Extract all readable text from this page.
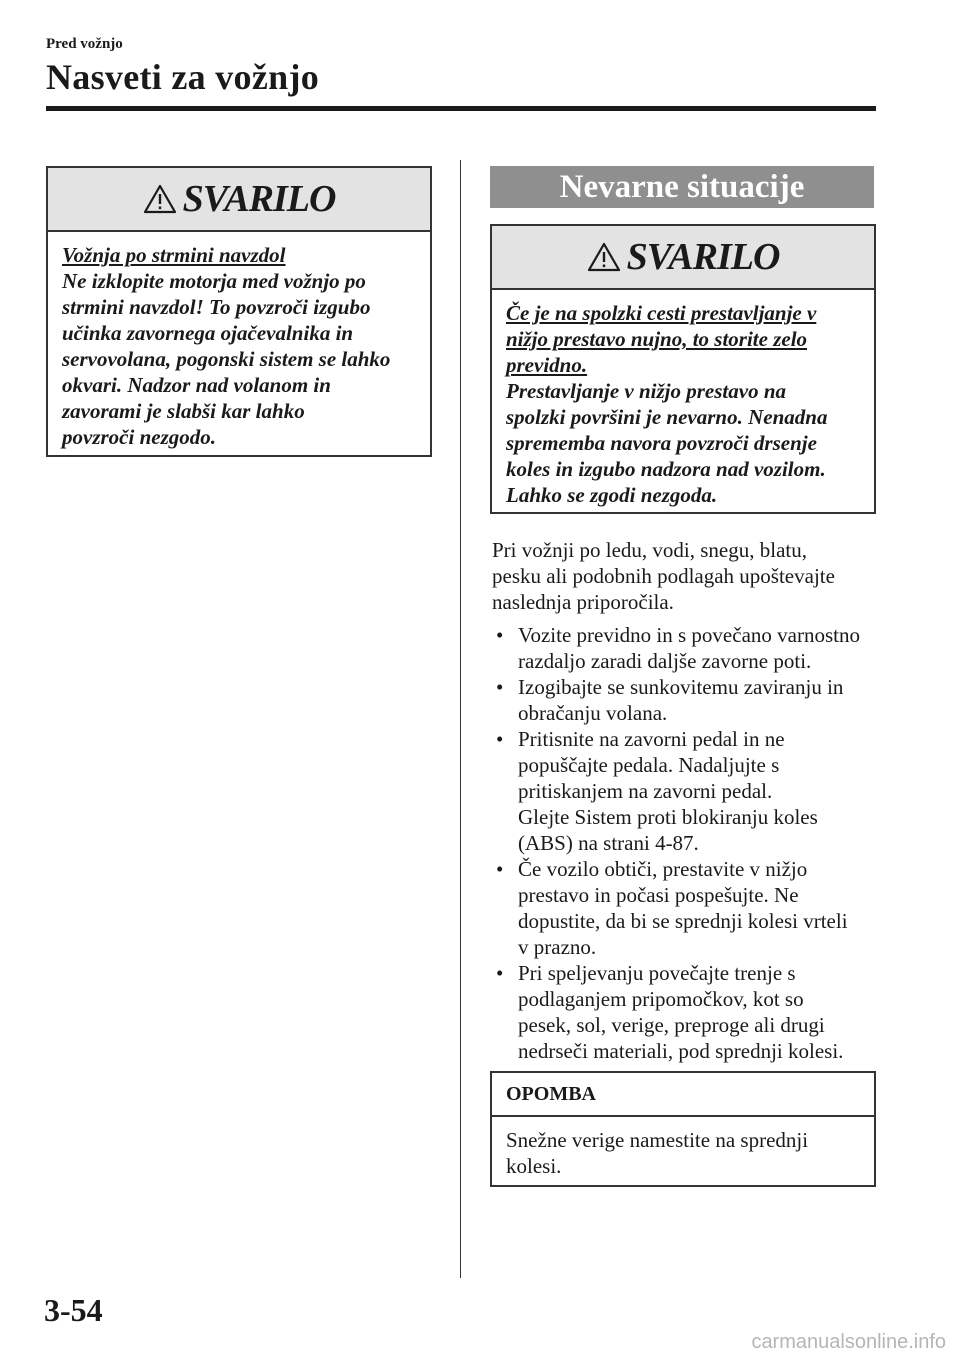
Pred vožnjo
Nasveti za vožnjo
SVARILO
Vožnja po strmini navzdol
Ne izklopite motorja med vožnjo po
strmini navzdol! To povzroči izgubo
učinka zavornega ojačevalnika in
servovolana, pogonski sistem se lahko
okvari. Nadzor nad volanom in
zavorami je slabši kar lahko
povzroči nezgodo.
Nevarne situacije
SVARILO
Če je na spolzki cesti prestavljanje v
nižjo prestavo nujno, to storite zelo
previdno.
Prestavljanje v nižjo prestavo na
spolzki površini je nevarno. Nenadna
sprememba navora povzroči drsenje
koles in izgubo nadzora nad vozilom.
Lahko se zgodi nezgoda.
Pri vožnji po ledu, vodi, snegu, blatu,
pesku ali podobnih podlagah upoštevajte
naslednja priporočila.
• Vozite previdno in s povečano varnostno
razdaljo zaradi daljše zavorne poti.
• Izogibajte se sunkovitemu zaviranju in
obračanju volana.
• Pritisnite na zavorni pedal in ne
popuščajte pedala. Nadaljujte s
pritiskanjem na zavorni pedal.
Glejte Sistem proti blokiranju koles
(ABS) na strani 4-87.
• Če vozilo obtiči, prestavite v nižjo
prestavo in počasi pospešujte. Ne
dopustite, da bi se sprednji kolesi vrteli
v prazno.
• Pri speljevanju povečajte trenje s
podlaganjem pripomočkov, kot so
pesek, sol, verige, preproge ali drugi
nedrseči materiali, pod sprednji kolesi.
OPOMBA
Snežne verige namestite na sprednji
kolesi.
3-54
carmanualsonline.info
